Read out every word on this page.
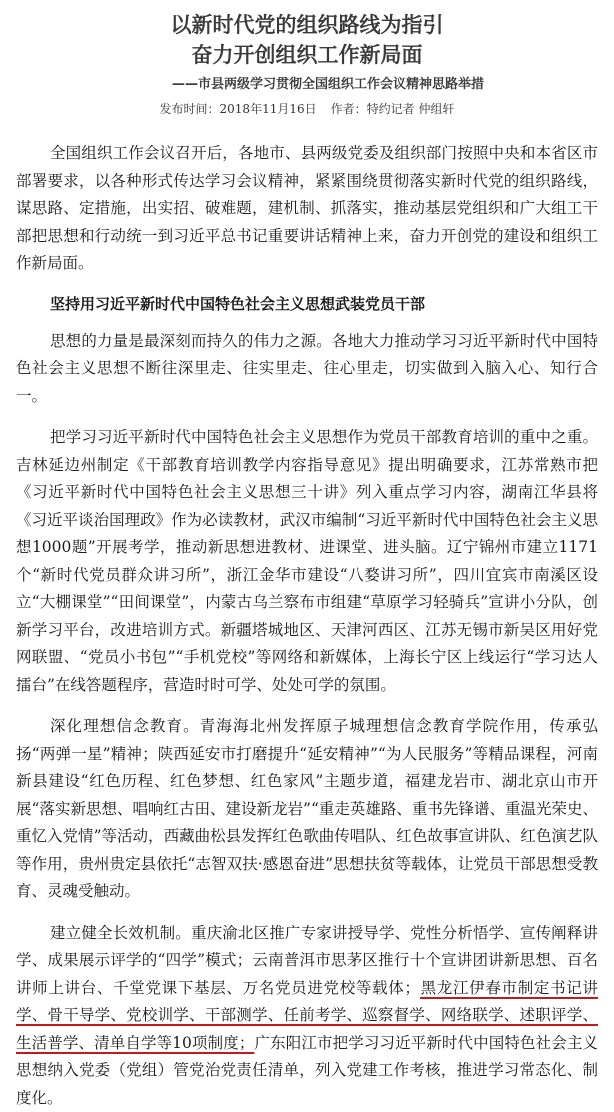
以新时代党的组织路线为指引
奋力开创组织工作新局面
——市县两级学习贯彻全国组织工作会议精神思路举措
发布时间：2018年11月16日 作者：特约记者 仲组轩

全国组织工作会议召开后，各地市、县两级党委及组织部门按照中央和本省区市部署要求，以各种形式传达学习会议精神，紧紧围绕贯彻落实新时代党的组织路线，谋思路、定措施，出实招、破难题，建机制、抓落实，推动基层党组织和广大组工干部把思想和行动统一到习近平总书记重要讲话精神上来，奋力开创党的建设和组织工作新局面。

坚持用习近平新时代中国特色社会主义思想武装党员干部

思想的力量是最深刻而持久的伟力之源。各地大力推动学习习近平新时代中国特色社会主义思想不断往深里走、往实里走、往心里走，切实做到入脑入心、知行合一。

把学习习近平新时代中国特色社会主义思想作为党员干部教育培训的重中之重。吉林延边州制定《干部教育培训教学内容指导意见》提出明确要求，江苏常熟市把《习近平新时代中国特色社会主义思想三十讲》列入重点学习内容，湖南江华县将《习近平谈治国理政》作为必读教材，武汉市编制“习近平新时代中国特色社会主义思想1000题”开展考学，推动新思想进教材、进课堂、进头脑。辽宁锦州市建立1171个“新时代党员群众讲习所”，浙江金华市建设“八婺讲习所”，四川宜宾市南溪区设立“大棚课堂”“田间课堂”，内蒙古乌兰察布市组建“草原学习轻骑兵”宣讲小分队，创新学习平台，改进培训方式。新疆塔城地区、天津河西区、江苏无锡市新吴区用好党网联盟、“党员小书包”“手机党校”等网络和新媒体，上海长宁区上线运行“学习达人擂台”在线答题程序，营造时时可学、处处可学的氛围。

深化理想信念教育。青海海北州发挥原子城理想信念教育学院作用，传承弘扬“两弹一星”精神；陕西延安市打磨提升“延安精神”“为人民服务”等精品课程，河南新县建设“红色历程、红色梦想、红色家风”主题步道，福建龙岩市、湖北京山市开展“落实新思想、唱响红古田、建设新龙岩”“重走英雄路、重书先锋谱、重温光荣史、重忆入党情”等活动，西藏曲松县发挥红色歌曲传唱队、红色故事宣讲队、红色演艺队等作用，贵州贵定县依托“志智双扶·感恩奋进”思想扶贫等载体，让党员干部思想受教育、灵魂受触动。

建立健全长效机制。重庆渝北区推广专家讲授导学、党性分析悟学、宣传阐释讲学、成果展示评学的“四学”模式；云南普洱市思茅区推行十个宣讲团讲新思想、百名讲师上讲台、千堂党课下基层、万名党员进党校等载体；黑龙江伊春市制定书记讲学、骨干导学、党校训学、干部测学、任前考学、巡察督学、网络联学、述职评学、生活普学、清单自学等10项制度；广东阳江市把学习习近平新时代中国特色社会主义思想纳入党委（党组）管党治党责任清单，列入党建工作考核，推进学习常态化、制度化。
